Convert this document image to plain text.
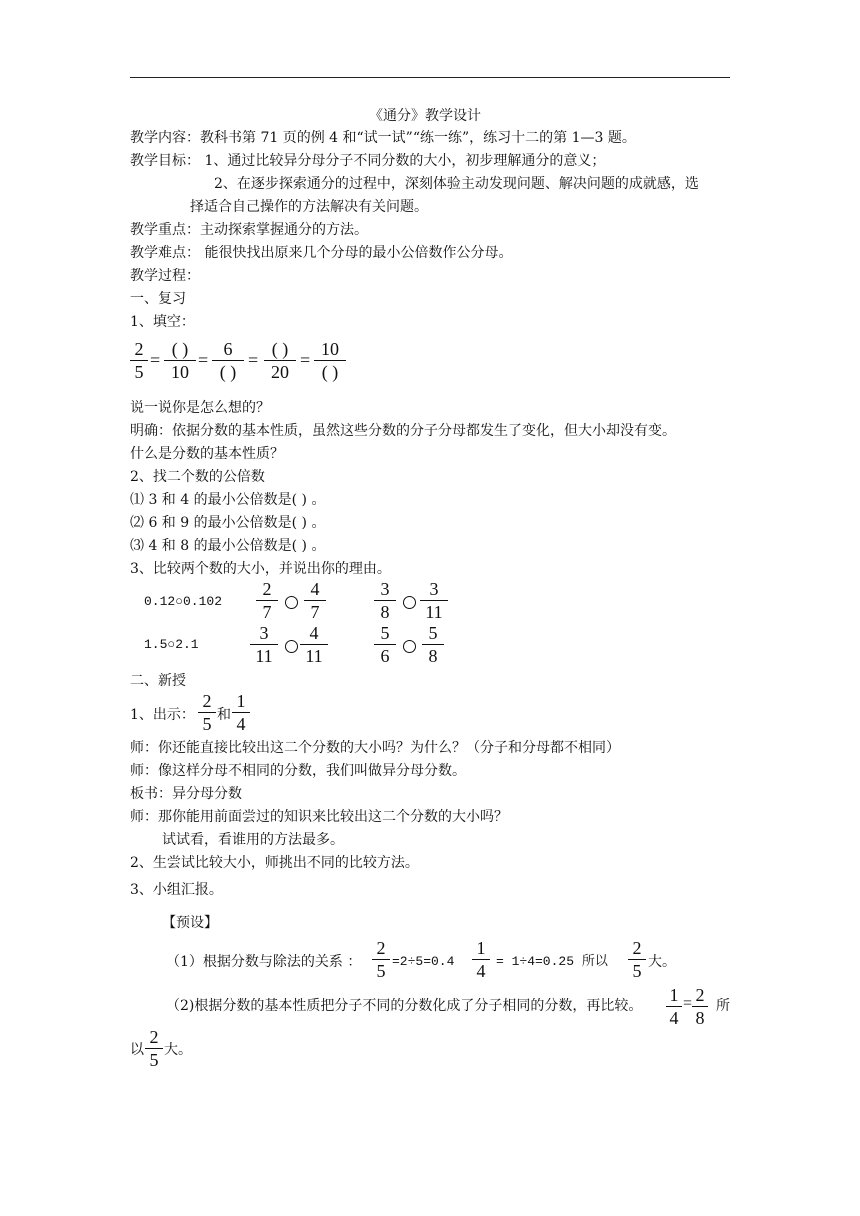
《通分》教学设计
教学内容：教科书第 71 页的例 4 和“试一试”“练一练”，练习十二的第 1—3 题。
教学目标： 1、通过比较异分母分子不同分数的大小，初步理解通分的意义；
2、在逐步探索通分的过程中，深刻体验主动发现问题、解决问题的成就感，选
择适合自己操作的方法解决有关问题。
教学重点：主动探索掌握通分的方法。
教学难点： 能很快找出原来几个分母的最小公倍数作公分母。
教学过程：
一、复习
1、填空：
2
5
=
( )
10
=
6
( )
=
( )
20
=
10
( )
说一说你是怎么想的？
明确：依据分数的基本性质，虽然这些分数的分子分母都发生了变化，但大小却没有变。
什么是分数的基本性质？
2、找二个数的公倍数
⑴ 3 和 4 的最小公倍数是( ) 。
⑵ 6 和 9 的最小公倍数是( ) 。
⑶ 4 和 8 的最小公倍数是( ) 。
3、比较两个数的大小，并说出你的理由。
0.12○0.102
1.5○2.1
2
7
4
7
3
8
3
11
3
11
4
11
5
6
5
8
二、新授
1、出示：
2
5 和
1
4
师：你还能直接比较出这二个分数的大小吗？为什么？（分子和分母都不相同）
师：像这样分母不相同的分数，我们叫做异分母分数。
板书：异分母分数
师：那你能用前面尝过的知识来比较出这二个分数的大小吗？
试试看，看谁用的方法最多。
2、生尝试比较大小，师挑出不同的比较方法。
3、小组汇报。
【预设】
（1）根据分数与除法的关系 ：
2
5 =2÷5=0.4
1
4 = 1÷4=0.25 所以
2
5 大。
（2)根据分数的基本性质把分子不同的分数化成了分子相同的分数，再比较。
1
4
= 2
8
所
以
2
5 大。
